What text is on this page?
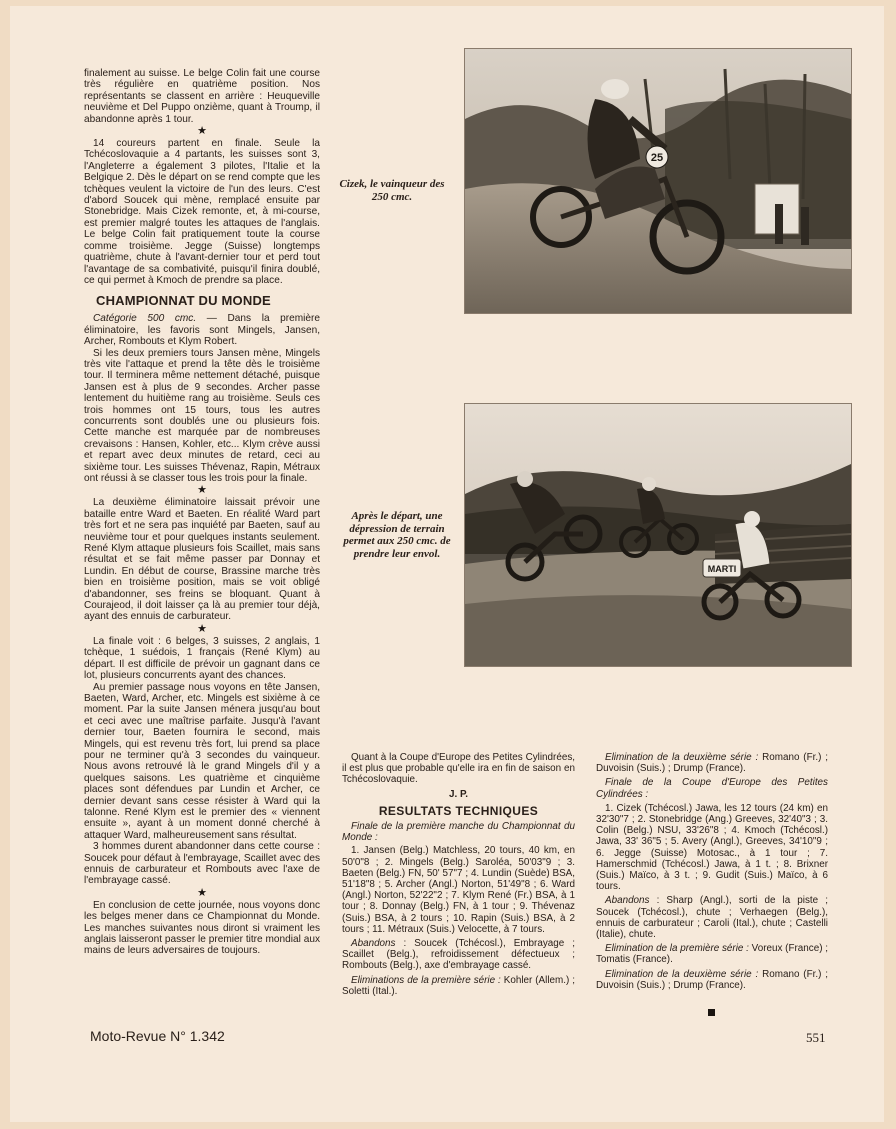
finalement au suisse. Le belge Colin fait une course très régulière en quatrième position. Nos représentants se classent en arrière : Heuqueville neuvième et Del Puppo onzième, quant à Troump, il abandonne après 1 tour.

★

14 coureurs partent en finale. Seule la Tchécoslovaquie a 4 partants, les suisses sont 3, l'Angleterre a également 3 pilotes, l'Italie et la Belgique 2. Dès le départ on se rend compte que les tchèques veulent la victoire de l'un des leurs. C'est d'abord Soucek qui mène, remplacé ensuite par Stonebridge. Mais Cizek remonte, et, à mi-course, est premier malgré toutes les attaques de l'anglais. Le belge Colin fait pratiquement toute la course comme troisième. Jegge (Suisse) longtemps quatrième, chute à l'avant-dernier tour et perd tout l'avantage de sa combativité, puisqu'il finira doublé, ce qui permet à Kmoch de prendre sa place.

CHAMPIONNAT DU MONDE

Catégorie 500 cmc. — Dans la première éliminatoire, les favoris sont Mingels, Jansen, Archer, Rombouts et Klym Robert.

Si les deux premiers tours Jansen mène, Mingels très vite l'attaque et prend la tête dès le troisième tour. Il terminera même nettement détaché, puisque Jansen est à plus de 9 secondes. Archer passe lentement du huitième rang au troisième. Seuls ces trois hommes ont 15 tours, tous les autres concurrents sont doublés une ou plusieurs fois. Cette manche est marquée par de nombreuses crevaisons : Hansen, Kohler, etc... Klym crève aussi et repart avec deux minutes de retard, ceci au sixième tour. Les suisses Thévenaz, Rapin, Métraux ont réussi à se classer tous les trois pour la finale.

★

La deuxième éliminatoire laissait prévoir une bataille entre Ward et Baeten. En réalité Ward part très fort et ne sera pas inquiété par Baeten, sauf au neuvième tour et pour quelques instants seulement. René Klym attaque plusieurs fois Scaillet, mais sans résultat et se fait même passer par Donnay et Lundin. En début de course, Brassine marche très bien en troisième position, mais se voit obligé d'abandonner, ses freins se bloquant. Quant à Courajeod, il doit laisser ça là au premier tour déjà, ayant des ennuis de carburateur.

★

La finale voit : 6 belges, 3 suisses, 2 anglais, 1 tchèque, 1 suédois, 1 français (René Klym) au départ. Il est difficile de prévoir un gagnant dans ce lot, plusieurs concurrents ayant des chances.

Au premier passage nous voyons en tête Jansen, Baeten, Ward, Archer, etc. Mingels est sixième à ce moment. Par la suite Jansen ménera jusqu'au bout et ceci avec une maîtrise parfaite. Jusqu'à l'avant dernier tour, Baeten fournira le second, mais Mingels, qui est revenu très fort, lui prend sa place pour ne terminer qu'à 3 secondes du vainqueur. Nous avons retrouvé là le grand Mingels d'il y a quelques saisons. Les quatrième et cinquième places sont défendues par Lundin et Archer, ce dernier devant sans cesse résister à Ward qui la talonne. René Klym est le premier des « viennent ensuite », ayant à un moment donné cherché à attaquer Ward, malheureusement sans résultat.

3 hommes durent abandonner dans cette course : Soucek pour défaut à l'embrayage, Scaillet avec des ennuis de carburateur et Rombouts avec l'axe de l'embrayage cassé.

★

En conclusion de cette journée, nous voyons donc les belges mener dans ce Championnat du Monde. Les manches suivantes nous diront si vraiment les anglais laisseront passer le premier titre mondial aux mains de leurs adversaires de toujours.

25
Cizek, le vainqueur des 250 cmc.
MARTI
Après le départ, une dépression de terrain permet aux 250 cmc. de prendre leur envol.

Quant à la Coupe d'Europe des Petites Cylindrées, il est plus que probable qu'elle ira en fin de saison en Tchécoslovaquie.

J. P.
RESULTATS TECHNIQUES

Finale de la première manche du Championnat du Monde :

1. Jansen (Belg.) Matchless, 20 tours, 40 km, en 50'0"8 ; 2. Mingels (Belg.) Saroléa, 50'03"9 ; 3. Baeten (Belg.) FN, 50' 57"7 ; 4. Lundin (Suède) BSA, 51'18"8 ; 5. Archer (Angl.) Norton, 51'49"8 ; 6. Ward (Angl.) Norton, 52'22"2 ; 7. Klym René (Fr.) BSA, à 1 tour ; 8. Donnay (Belg.) FN, à 1 tour ; 9. Thévenaz (Suis.) BSA, à 2 tours ; 10. Rapin (Suis.) BSA, à 2 tours ; 11. Métraux (Suis.) Velocette, à 7 tours.

Abandons : Soucek (Tchécosl.), Embrayage ; Scaillet (Belg.), refroidissement défectueux ; Rombouts (Belg.), axe d'embrayage cassé.

Eliminations de la première série : Kohler (Allem.) ; Soletti (Ital.).

Elimination de la deuxième série : Romano (Fr.) ; Duvoisin (Suis.) ; Drump (France).

Finale de la Coupe d'Europe des Petites Cylindrées :

1. Cizek (Tchécosl.) Jawa, les 12 tours (24 km) en 32'30"7 ; 2. Stonebridge (Ang.) Greeves, 32'40"3 ; 3. Colin (Belg.) NSU, 33'26"8 ; 4. Kmoch (Tchécosl.) Jawa, 33' 36"5 ; 5. Avery (Angl.), Greeves, 34'10"9 ; 6. Jegge (Suisse) Motosac., à 1 tour ; 7. Hamerschmid (Tchécosl.) Jawa, à 1 t. ; 8. Brixner (Suis.) Maïco, à 3 t. ; 9. Gudit (Suis.) Maïco, à 6 tours.

Abandons : Sharp (Angl.), sorti de la piste ; Soucek (Tchécosl.), chute ; Verhaegen (Belg.), ennuis de carburateur ; Caroli (Ital.), chute ; Castelli (Italie), chute.

Elimination de la première série : Voreux (France) ; Tomatis (France).

Elimination de la deuxième série : Romano (Fr.) ; Duvoisin (Suis.) ; Drump (France).

Moto-Revue N° 1.342	551
